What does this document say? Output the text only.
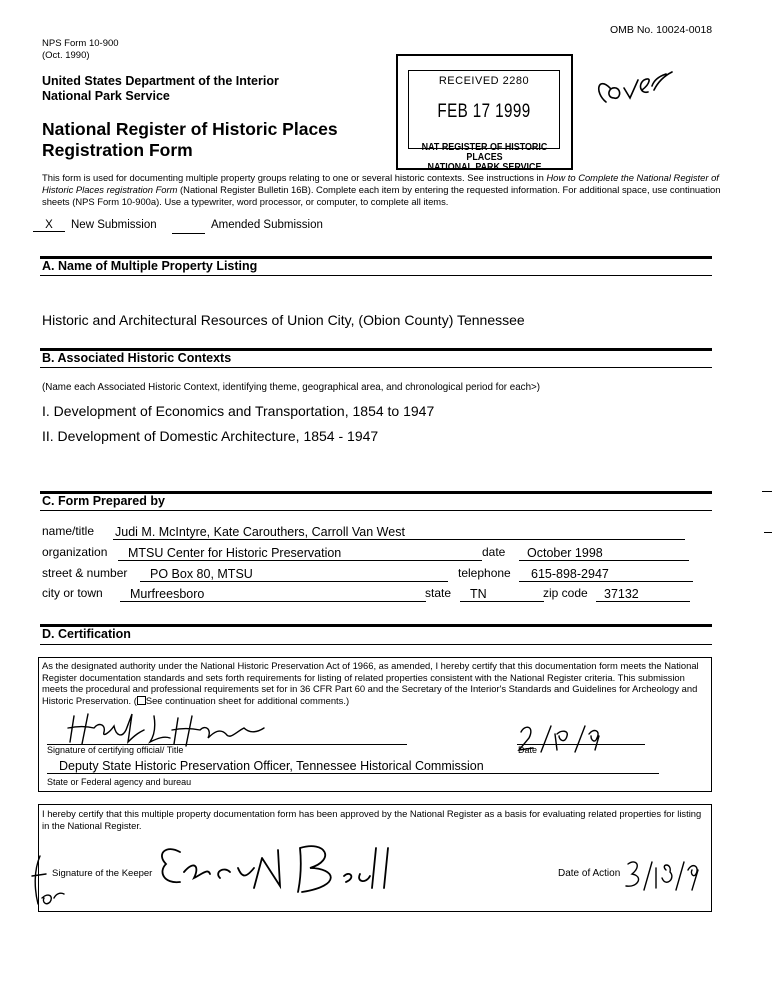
OMB No. 10024-0018
NPS Form 10-900
(Oct. 1990)
United States Department of the Interior
National Park Service
National Register of Historic Places
Registration Form
RECEIVED 2280
FEB 17 1999
NAT REGISTER OF HISTORIC PLACES
NATIONAL PARK SERVICE
This form is used for documenting multiple property groups relating to one or several historic contexts. See instructions in How to Complete the National Register of Historic Places registration Form (National Register Bulletin 16B). Complete each item by entering the requested information. For additional space, use continuation sheets (NPS Form 10-900a). Use a typewriter, word processor, or computer, to complete all items.
X	New Submission	Amended Submission
A. Name of Multiple Property Listing
Historic and Architectural Resources of Union City, (Obion County) Tennessee
B. Associated Historic Contexts
(Name each Associated Historic Context, identifying theme, geographical area, and chronological period for each>)
I. Development of Economics and Transportation, 1854 to 1947
II. Development of Domestic Architecture, 1854 - 1947
C. Form Prepared by
name/title Judi M. McIntyre, Kate Carouthers, Carroll Van West
organization	MTSU Center for Historic Preservation	date	October 1998
street & number	PO Box 80, MTSU	telephone	615-898-2947
city or town	Murfreesboro	state	TN	zip code	37132
D. Certification
As the designated authority under the National Historic Preservation Act of 1966, as amended, I hereby certify that this documentation form meets the National Register documentation standards and sets forth requirements for listing of related properties consistent with the National Register criteria. This submission meets the procedural and professional requirements set for in 36 CFR Part 60 and the Secretary of the Interior's Standards and Guidelines for Archeology and Historic Preservation. ( See continuation sheet for additional comments.)
Signature of certifying official/ Title	Date
Deputy State Historic Preservation Officer, Tennessee Historical Commission
State or Federal agency and bureau
I hereby certify that this multiple property documentation form has been approved by the National Register as a basis for evaluating related properties for listing in the National Register.
Signature of the Keeper	Date of Action
